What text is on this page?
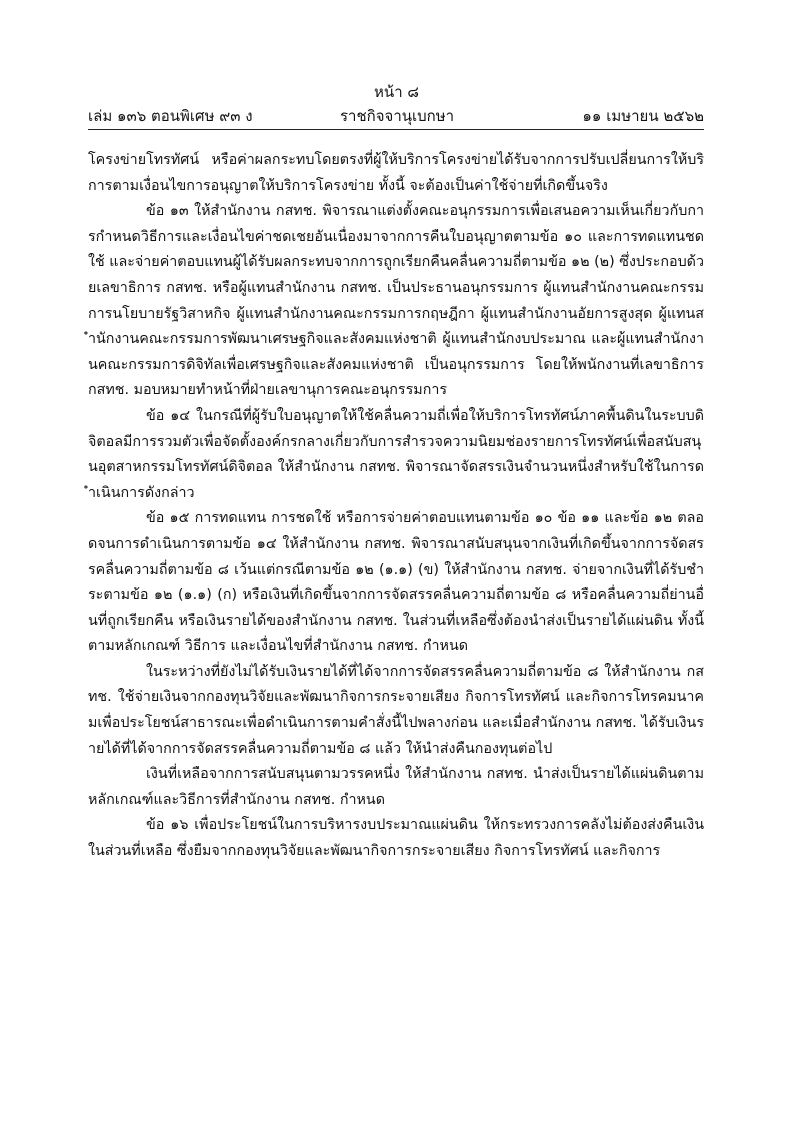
หน้า ๘
เล่ม ๑๓๖ ตอนพิเศษ ๙๓ ง	ราชกิจจานุเบกษา	๑๑ เมษายน ๒๕๖๒

โครงข่ายโทรทัศน์ หรือค่าผลกระทบโดยตรงที่ผู้ให้บริการโครงข่ายได้รับจากการปรับเปลี่ยนการให้บริการตามเงื่อนไขการอนุญาตให้บริการโครงข่าย ทั้งนี้ จะต้องเป็นค่าใช้จ่ายที่เกิดขึ้นจริง

ข้อ ๑๓ ให้สำนักงาน กสทช. พิจารณาแต่งตั้งคณะอนุกรรมการเพื่อเสนอความเห็นเกี่ยวกับการกำหนดวิธีการและเงื่อนไขค่าชดเชยอันเนื่องมาจากการคืนใบอนุญาตตามข้อ ๑๐ และการทดแทนชดใช้ และจ่ายค่าตอบแทนผู้ได้รับผลกระทบจากการถูกเรียกคืนคลื่นความถี่ตามข้อ ๑๒ (๒) ซึ่งประกอบด้วยเลขาธิการ กสทช. หรือผู้แทนสำนักงาน กสทช. เป็นประธานอนุกรรมการ ผู้แทนสำนักงานคณะกรรมการนโยบายรัฐวิสาหกิจ ผู้แทนสำนักงานคณะกรรมการกฤษฎีกา ผู้แทนสำนักงานอัยการสูงสุด ผู้แทนสำนักงานคณะกรรมการพัฒนาเศรษฐกิจและสังคมแห่งชาติ ผู้แทนสำนักงบประมาณ และผู้แทนสำนักงานคณะกรรมการดิจิทัลเพื่อเศรษฐกิจและสังคมแห่งชาติ เป็นอนุกรรมการ โดยให้พนักงานที่เลขาธิการ กสทช. มอบหมายทำหน้าที่ฝ่ายเลขานุการคณะอนุกรรมการ

ข้อ ๑๔ ในกรณีที่ผู้รับใบอนุญาตให้ใช้คลื่นความถี่เพื่อให้บริการโทรทัศน์ภาคพื้นดินในระบบดิจิตอลมีการรวมตัวเพื่อจัดตั้งองค์กรกลางเกี่ยวกับการสำรวจความนิยมช่องรายการโทรทัศน์เพื่อสนับสนุนอุตสาหกรรมโทรทัศน์ดิจิตอล ให้สำนักงาน กสทช. พิจารณาจัดสรรเงินจำนวนหนึ่งสำหรับใช้ในการดำเนินการดังกล่าว

ข้อ ๑๕ การทดแทน การชดใช้ หรือการจ่ายค่าตอบแทนตามข้อ ๑๐ ข้อ ๑๑ และข้อ ๑๒ ตลอดจนการดำเนินการตามข้อ ๑๔ ให้สำนักงาน กสทช. พิจารณาสนับสนุนจากเงินที่เกิดขึ้นจากการจัดสรรคลื่นความถี่ตามข้อ ๘ เว้นแต่กรณีตามข้อ ๑๒ (๑.๑) (ข) ให้สำนักงาน กสทช. จ่ายจากเงินที่ได้รับชำระตามข้อ ๑๒ (๑.๑) (ก) หรือเงินที่เกิดขึ้นจากการจัดสรรคลื่นความถี่ตามข้อ ๘ หรือคลื่นความถี่ย่านอื่นที่ถูกเรียกคืน หรือเงินรายได้ของสำนักงาน กสทช. ในส่วนที่เหลือซึ่งต้องนำส่งเป็นรายได้แผ่นดิน ทั้งนี้ ตามหลักเกณฑ์ วิธีการ และเงื่อนไขที่สำนักงาน กสทช. กำหนด

ในระหว่างที่ยังไม่ได้รับเงินรายได้ที่ได้จากการจัดสรรคลื่นความถี่ตามข้อ ๘ ให้สำนักงาน กสทช. ใช้จ่ายเงินจากกองทุนวิจัยและพัฒนากิจการกระจายเสียง กิจการโทรทัศน์ และกิจการโทรคมนาคมเพื่อประโยชน์สาธารณะเพื่อดำเนินการตามคำสั่งนี้ไปพลางก่อน และเมื่อสำนักงาน กสทช. ได้รับเงินรายได้ที่ได้จากการจัดสรรคลื่นความถี่ตามข้อ ๘ แล้ว ให้นำส่งคืนกองทุนต่อไป

เงินที่เหลือจากการสนับสนุนตามวรรคหนึ่ง ให้สำนักงาน กสทช. นำส่งเป็นรายได้แผ่นดินตามหลักเกณฑ์และวิธีการที่สำนักงาน กสทช. กำหนด

ข้อ ๑๖ เพื่อประโยชน์ในการบริหารงบประมาณแผ่นดิน ให้กระทรวงการคลังไม่ต้องส่งคืนเงินในส่วนที่เหลือ ซึ่งยืมจากกองทุนวิจัยและพัฒนากิจการกระจายเสียง กิจการโทรทัศน์ และกิจการ
